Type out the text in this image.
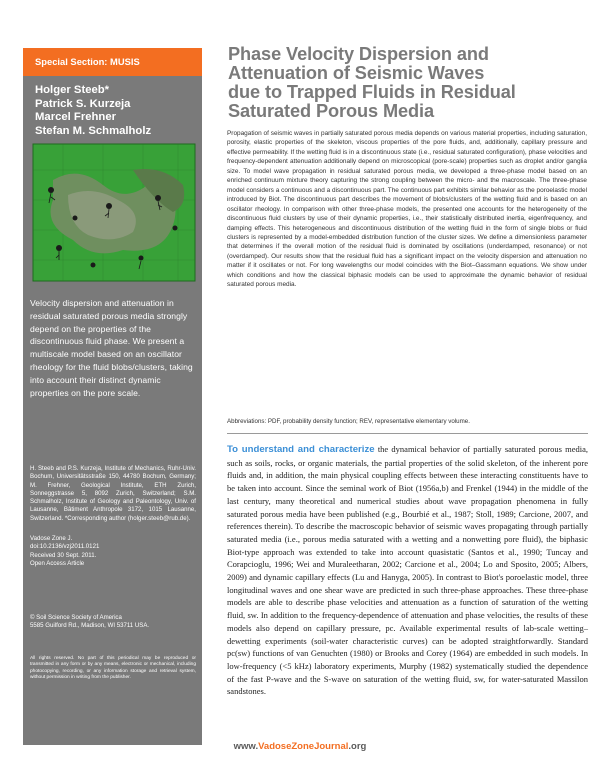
Special Section: MUSIS
Holger Steeb*
Patrick S. Kurzeja
Marcel Frehner
Stefan M. Schmalholz
Velocity dispersion and attenuation in residual saturated porous media strongly depend on the properties of the discontinuous fluid phase. We present a multiscale model based on an oscillator rheology for the fluid blobs/clusters, taking into account their distinct dynamic properties on the pore scale.
H. Steeb and P.S. Kurzeja, Institute of Mechanics, Ruhr-Univ. Bochum, Universitätsstraße 150, 44780 Bochum, Germany; M. Frehner, Geological Institute, ETH Zurich, Sonneggstrasse 5, 8092 Zurich, Switzerland; S.M. Schmalholz, Institute of Geology and Paleontology, Univ. of Lausanne, Bâtiment Anthropole 3172, 1015 Lausanne, Switzerland. *Corresponding author (holger.steeb@rub.de).
Vadose Zone J.
doi:10.2136/vzj2011.0121
Received 30 Sept. 2011.
Open Access Article
© Soil Science Society of America
5585 Guilford Rd., Madison, WI 53711 USA.
All rights reserved. No part of this periodical may be reproduced or transmitted in any form or by any means, electronic or mechanical, including photocopying, recording, or any information storage and retrieval system, without permission in writing from the publisher.
Phase Velocity Dispersion and
Attenuation of Seismic Waves
due to Trapped Fluids in Residual
Saturated Porous Media
Propagation of seismic waves in partially saturated porous media depends on various material properties, including saturation, porosity, elastic properties of the skeleton, viscous properties of the pore fluids, and, additionally, capillary pressure and effective permeability. If the wetting fluid is in a discontinuous state (i.e., residual saturated configuration), phase velocities and frequency-dependent attenuation additionally depend on microscopical (pore-scale) properties such as droplet and/or ganglia size. To model wave propagation in residual saturated porous media, we developed a three-phase model based on an enriched continuum mixture theory capturing the strong coupling between the micro- and the macroscale. The three-phase model considers a continuous and a discontinuous part. The continuous part exhibits similar behavior as the poroelastic model introduced by Biot. The discontinuous part describes the movement of blobs/clusters of the wetting fluid and is based on an oscillator rheology. In comparison with other three-phase models, the presented one accounts for the heterogeneity of the discontinuous fluid clusters by use of their dynamic properties, i.e., their statistically distributed inertia, eigenfrequency, and damping effects. This heterogeneous and discontinuous distribution of the wetting fluid in the form of single blobs or fluid clusters is represented by a model-embedded distribution function of the cluster sizes. We define a dimensionless parameter that determines if the overall motion of the residual fluid is dominated by oscillations (underdamped, resonance) or not (overdamped). Our results show that the residual fluid has a significant impact on the velocity dispersion and attenuation no matter if it oscillates or not. For long wavelengths our model coincides with the Biot–Gassmann equations. We show under which conditions and how the classical biphasic models can be used to approximate the dynamic behavior of residual saturated porous media.
Abbreviations: PDF, probability density function; REV, representative elementary volume.
To understand and characterize the dynamical behavior of partially saturated porous media, such as soils, rocks, or organic materials, the partial properties of the solid skeleton, of the inherent pore fluids and, in addition, the main physical coupling effects between these interacting constituents have to be taken into account. Since the seminal work of Biot (1956a,b) and Frenkel (1944) in the middle of the last century, many theoretical and numerical studies about wave propagation phenomena in fully saturated porous media have been published (e.g., Bourbié et al., 1987; Stoll, 1989; Carcione, 2007, and references therein). To describe the macroscopic behavior of seismic waves propagating through partially saturated media (i.e., porous media saturated with a wetting and a nonwetting pore fluid), the biphasic Biot-type approach was extended to take into account quasistatic (Santos et al., 1990; Tuncay and Corapcioglu, 1996; Wei and Muraleetharan, 2002; Carcione et al., 2004; Lo and Sposito, 2005; Albers, 2009) and dynamic capillary effects (Lu and Hanyga, 2005). In contrast to Biot's poroelastic model, three longitudinal waves and one shear wave are predicted in such three-phase approaches. These three-phase models are able to describe phase velocities and attenuation as a function of saturation of the wetting fluid, sw. In addition to the frequency-dependence of attenuation and phase velocities, the results of these models also depend on capillary pressure, pc. Available experimental results of lab-scale wetting–dewetting experiments (soil-water characteristic curves) can be adopted straightforwardly. Standard pc(sw) functions of van Genuchten (1980) or Brooks and Corey (1964) are embedded in such models. In low-frequency (<5 kHz) laboratory experiments, Murphy (1982) systematically studied the dependence of the fast P-wave and the S-wave on saturation of the wetting fluid, sw, for water-saturated Massilon sandstones.
www.VadoseZoneJournal.org
